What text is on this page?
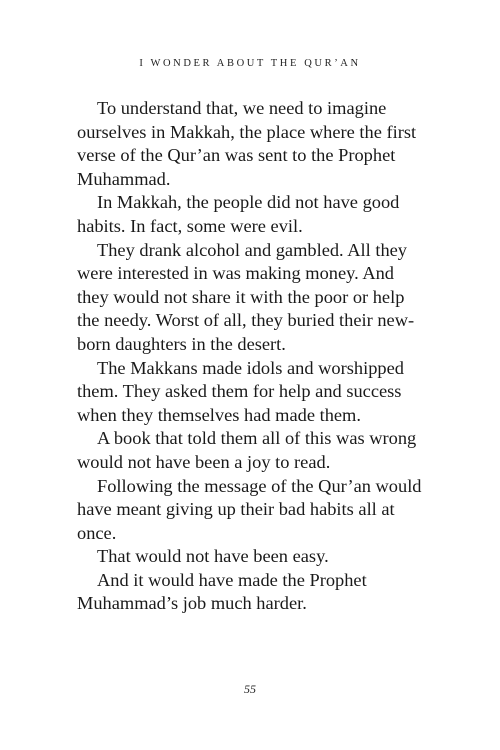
I WONDER ABOUT THE QUR’AN

To understand that, we need to imagine ourselves in Makkah, the place where the first verse of the Qur’an was sent to the Prophet Muhammad.

In Makkah, the people did not have good habits. In fact, some were evil.

They drank alcohol and gambled. All they were interested in was making money. And they would not share it with the poor or help the needy. Worst of all, they buried their new-born daughters in the desert.

The Makkans made idols and worshipped them. They asked them for help and success when they themselves had made them.

A book that told them all of this was wrong would not have been a joy to read.

Following the message of the Qur’an would have meant giving up their bad habits all at once.

That would not have been easy.

And it would have made the Prophet Muhammad’s job much harder.

55
